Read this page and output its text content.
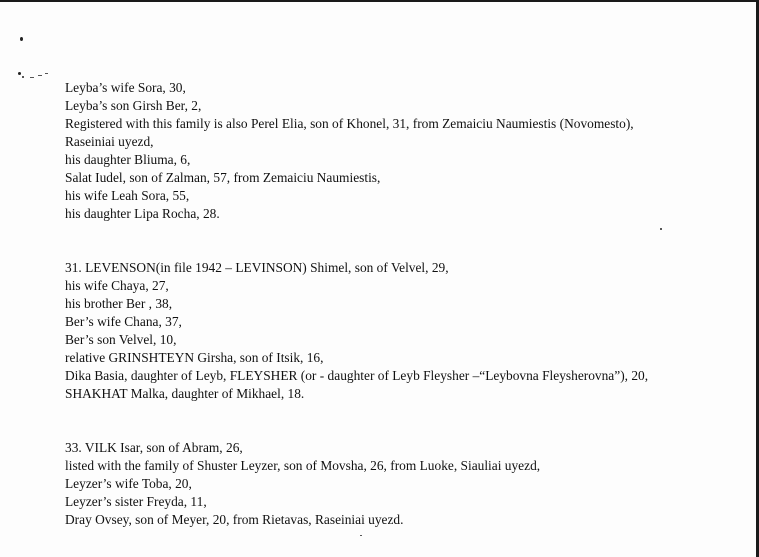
Leyba’s wife Sora, 30,
Leyba’s son Girsh Ber, 2,
Registered with this family is also Perel Elia, son of Khonel, 31, from Zemaiciu Naumiestis (Novomesto),
Raseiniai uyezd,
his daughter Bliuma, 6,
Salat Iudel, son of Zalman, 57, from Zemaiciu Naumiestis,
his wife Leah Sora, 55,
his daughter Lipa Rocha, 28.
31. LEVENSON(in file 1942 – LEVINSON) Shimel, son of Velvel, 29,
his wife Chaya, 27,
his brother Ber , 38,
Ber’s wife Chana, 37,
Ber’s son Velvel, 10,
relative GRINSHTEYN Girsha, son of Itsik, 16,
Dika Basia, daughter of Leyb, FLEYSHER (or - daughter of Leyb Fleysher –“Leybovna Fleysherovna”), 20,
SHAKHAT Malka, daughter of Mikhael, 18.
33. VILK Isar, son of Abram, 26,
listed with the family of Shuster Leyzer, son of Movsha, 26, from Luoke, Siauliai uyezd,
Leyzer’s wife Toba, 20,
Leyzer’s sister Freyda, 11,
Dray Ovsey, son of Meyer, 20, from Rietavas, Raseiniai uyezd.
